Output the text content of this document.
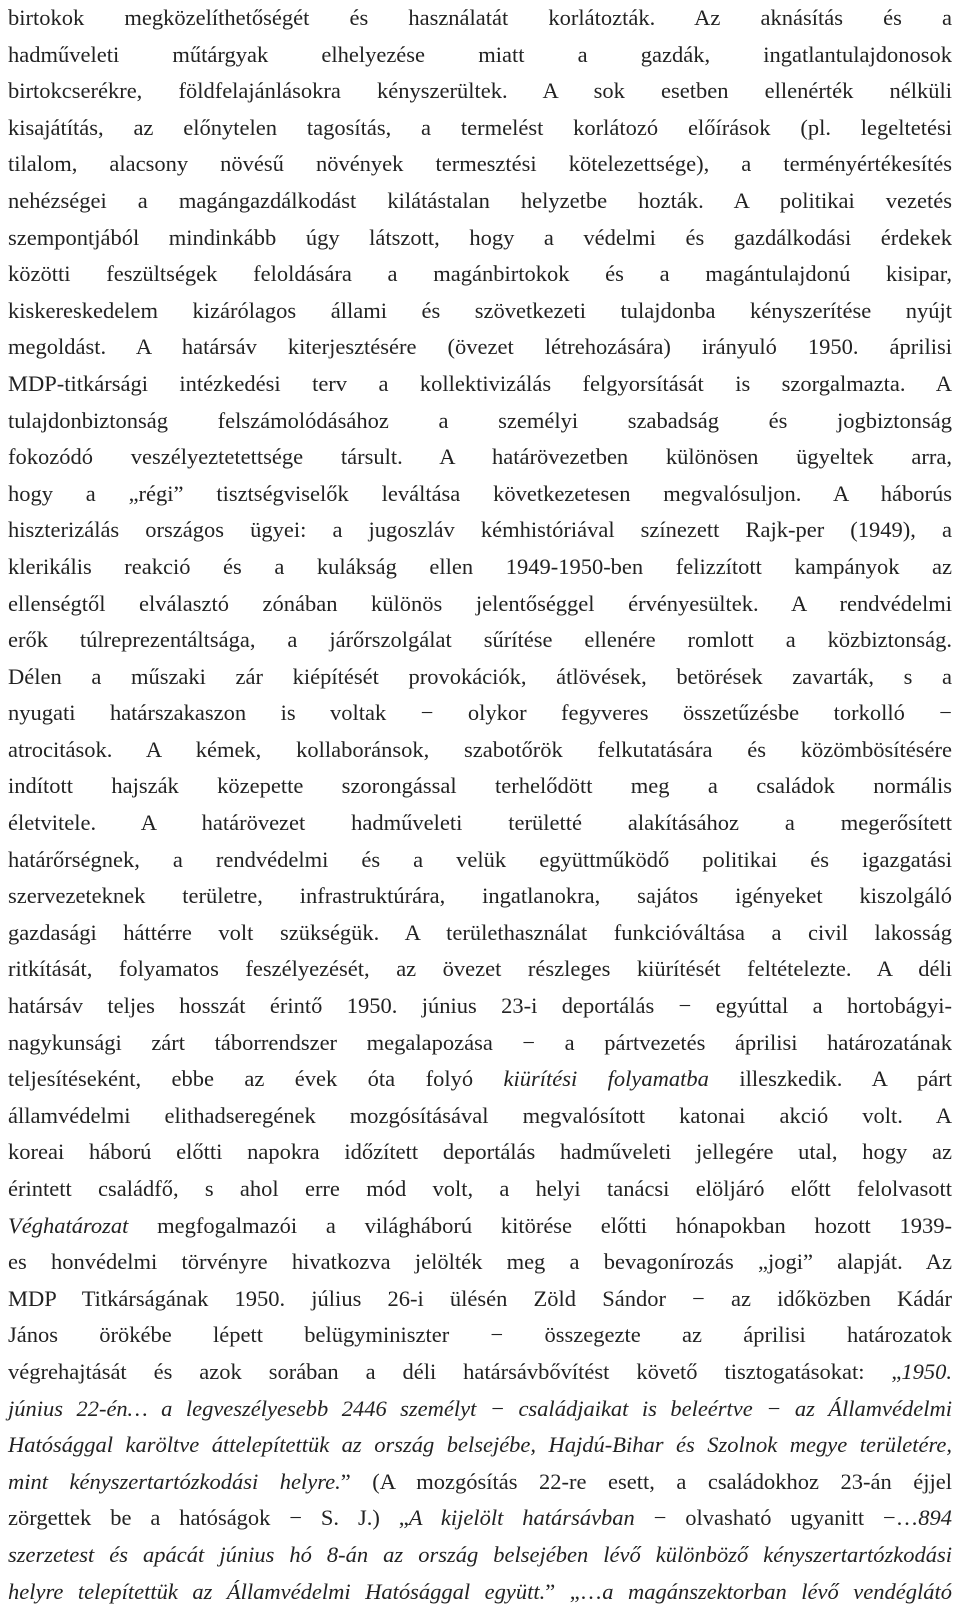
birtokok megközelíthetőségét és használatát korlátozták. Az aknásítás és a
hadműveleti műtárgyak elhelyezése miatt a gazdák, ingatlantulajdonosok
birtokcserékre, földfelajánlásokra kényszerültek. A sok esetben ellenérték nélküli
kisajátítás, az előnytelen tagosítás, a termelést korlátozó előírások (pl. legeltetési
tilalom, alacsony növésű növények termesztési kötelezettsége), a terményértékesítés
nehézségei a magángazdálkodást kilátástalan helyzetbe hozták. A politikai vezetés
szempontjából mindinkább úgy látszott, hogy a védelmi és gazdálkodási érdekek
közötti feszültségek feloldására a magánbirtokok és a magántulajdonú kisipar,
kiskereskedelem kizárólagos állami és szövetkezeti tulajdonba kényszerítése nyújt
megoldást. A határsáv kiterjesztésére (övezet létrehozására) irányuló 1950. áprilisi
MDP-titkársági intézkedési terv a kollektivizálás felgyorsítását is szorgalmazta. A
tulajdonbiztonság felszámolódásához a személyi szabadság és jogbiztonság
fokozódó veszélyeztetettsége társult. A határövezetben különösen ügyeltek arra,
hogy a „régi” tisztségviselők leváltása következetesen megvalósuljon. A háborús
hiszterizálás országos ügyei: a jugoszláv kémhistóriával színezett Rajk-per (1949), a
klerikális reakció és a kulákság ellen 1949-1950-ben felizzított kampányok az
ellenségtől elválasztó zónában különös jelentőséggel érvényesültek. A rendvédelmi
erők túlreprezentáltsága, a járőrszolgálat sűrítése ellenére romlott a közbiztonság.
Délen a műszaki zár kiépítését provokációk, átlövések, betörések zavarták, s a
nyugati határszakaszon is voltak − olykor fegyveres összetűzésbe torkolló −
atrocitások. A kémek, kollaboránsok, szabotőrök felkutatására és közömbösítésére
indított hajszák közepette szorongással terhelődött meg a családok normális
életvitele. A határövezet hadműveleti területté alakításához a megerősített
határőrségnek, a rendvédelmi és a velük együttműködő politikai és igazgatási
szervezeteknek területre, infrastruktúrára, ingatlanokra, sajátos igényeket kiszolgáló
gazdasági háttérre volt szükségük. A területhasználat funkcióváltása a civil lakosság
ritkítását, folyamatos feszélyezését, az övezet részleges kiürítését feltételezte. A déli
határsáv teljes hosszát érintő 1950. június 23-i deportálás − egyúttal a hortobágyi-
nagykunsági zárt táborrendszer megalapozása − a pártvezetés áprilisi határozatának
teljesítéseként, ebbe az évek óta folyó kiürítési folyamatba illeszkedik. A párt
államvédelmi elithadseregének mozgósításával megvalósított katonai akció volt. A
koreai háború előtti napokra időzített deportálás hadműveleti jellegére utal, hogy az
érintett családfő, s ahol erre mód volt, a helyi tanácsi elöljáró előtt felolvasott
Véghatározat megfogalmazói a világháború kitörése előtti hónapokban hozott 1939-
es honvédelmi törvényre hivatkozva jelölték meg a bevagonírozás „jogi” alapját. Az
MDP Titkárságának 1950. július 26-i ülésén Zöld Sándor − az időközben Kádár
János örökébe lépett belügyminiszter − összegezte az áprilisi határozatok
végrehajtását és azok sorában a déli határsávbővítést követő tisztogatásokat: „1950.
június 22-én… a legveszélyesebb 2446 személyt − családjaikat is beleértve − az Államvédelmi
Hatósággal karöltve áttelepítettük az ország belsejébe, Hajdú-Bihar és Szolnok megye területére,
mint kényszertartózkodási helyre.” (A mozgósítás 22-re esett, a családokhoz 23-án éjjel
zörgettek be a hatóságok − S. J.) „A kijelölt határsávban − olvasható ugyanitt −…894
szerzetest és apácát június hó 8-án az ország belsejében lévő különböző kényszertartózkodási
helyre telepítettük az Államvédelmi Hatósággal együtt.” „…a magánszektorban lévő vendéglátó
